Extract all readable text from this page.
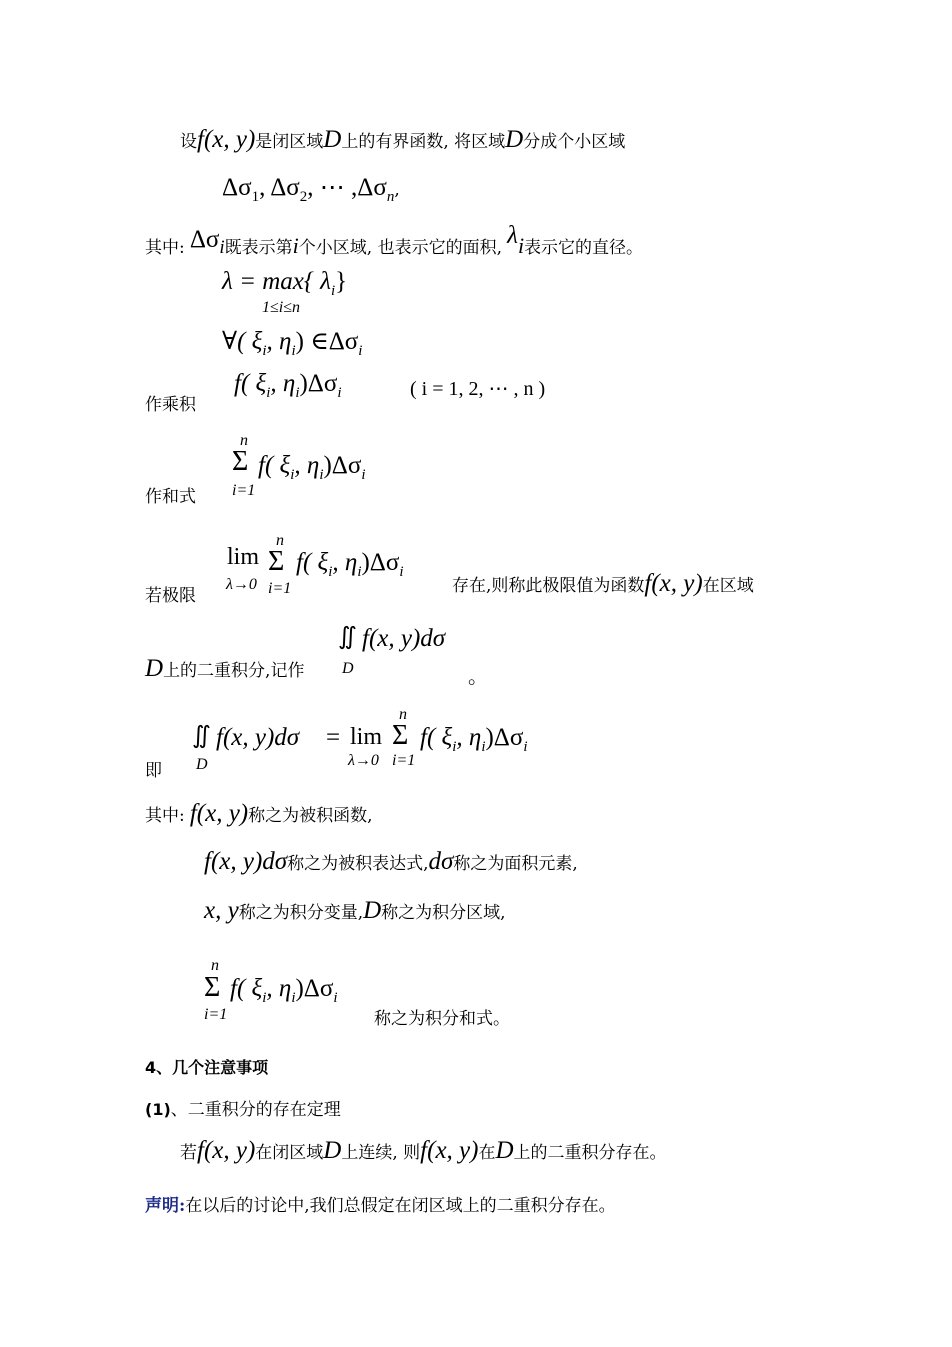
设f(x, y)是闭区域D上的有界函数, 将区域D分成个小区域
Δσ1, Δσ2, ⋯ ,Δσn,
其中: Δσi既表示第i个小区域, 也表示它的面积, λi表示它的直径。
λ = max{ λi}
1≤i≤n
∀( ξi, ηi) ∈Δσi
作乘积
f( ξi, ηi)Δσi	( i = 1, 2, ⋯ , n )
作和式
n
Σ
i=1
f( ξi, ηi)Δσi
若极限
lim
λ→0
n
Σ
i=1
f( ξi, ηi)Δσi
存在,则称此极限值为函数f(x, y)在区域
D上的二重积分,记作
∬
D
f(x, y)dσ
。
即
∬
D
f(x, y)dσ = lim
λ→0
n
Σ
i=1
f( ξi, ηi)Δσi
其中: f(x, y)称之为被积函数,
f(x, y)dσ称之为被积表达式,dσ称之为面积元素,
x, y称之为积分变量,D称之为积分区域,
n
Σ
i=1
f( ξi, ηi)Δσi
称之为积分和式。
4、几个注意事项
(1)、二重积分的存在定理
若f(x, y)在闭区域D上连续, 则f(x, y)在D上的二重积分存在。
声明:在以后的讨论中,我们总假定在闭区域上的二重积分存在。
